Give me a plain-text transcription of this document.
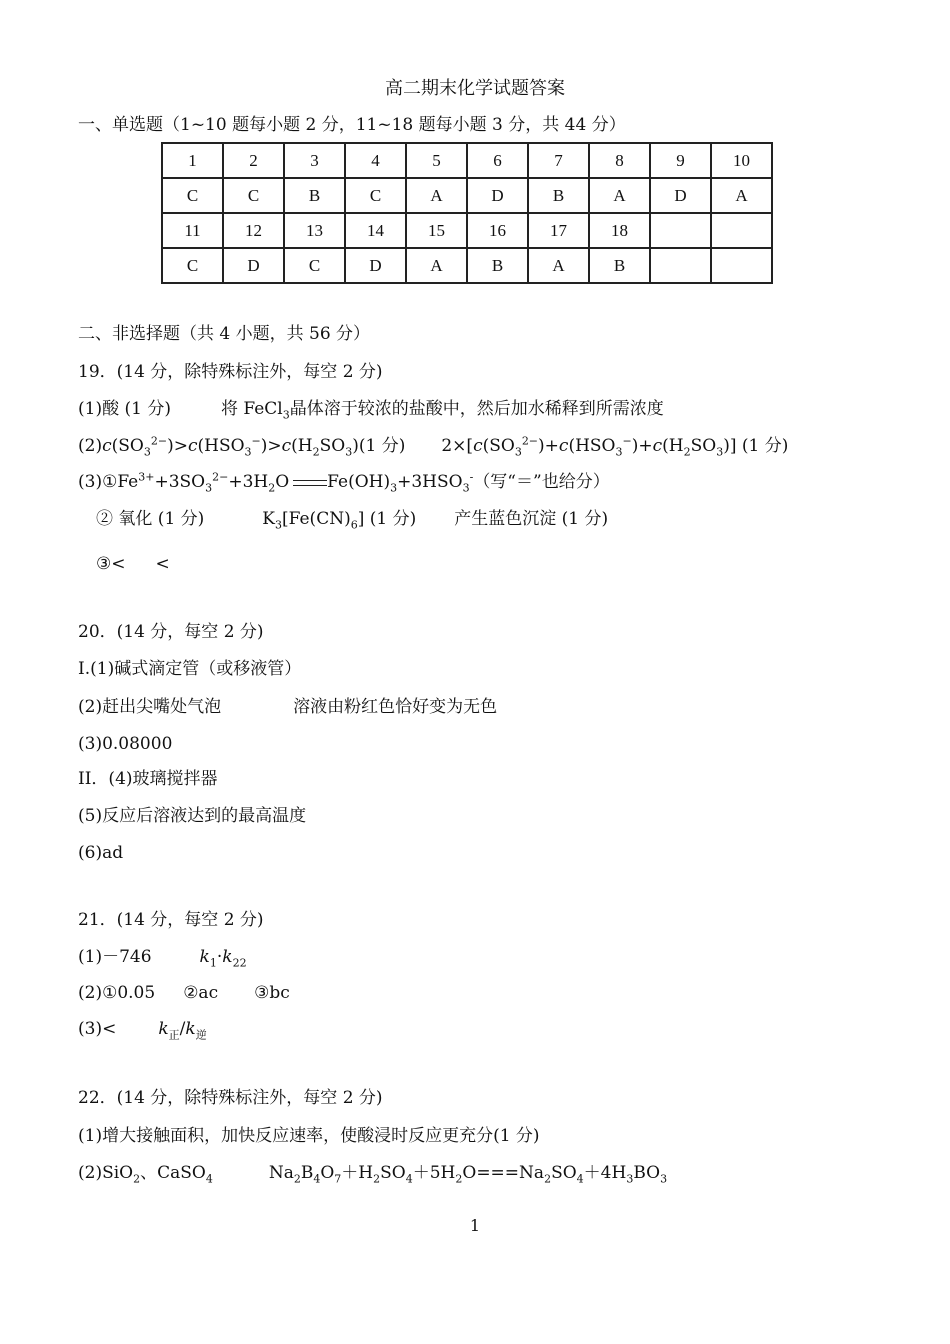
高二期末化学试题答案
一、单选题（1~10 题每小题 2 分，11~18 题每小题 3 分，共 44 分）
1	2	3	4	5	6	7	8	9	10
C	C	B	C	A	D	B	A	D	A
11	12	13	14	15	16	17	18		
C	D	C	D	A	B	A	B		
二、非选择题（共 4 小题，共 56 分）
19．(14 分，除特殊标注外，每空 2 分)
(1)酸 (1 分)	将 FeCl$_3$晶体溶于较浓的盐酸中，然后加水稀释到所需浓度
$(2)c(SO_3^{2-})>c(HSO_3^-)>c(H_2SO_3)(1$ 分) $2\times[c(SO_3^{2-})+c(HSO_3^-)+c(H_2SO_3)]$ (1 分)
$(3)①Fe^{3+}+3SO_3^{2-}+3H_2O$ $Fe(OH)_3+3HSO_3^-$（写“＝”也给分）
② 氧化 (1 分)	$K_3[Fe(CN)_6]$ (1 分) 产生蓝色沉淀 (1 分)
③< <
20．(14 分，每空 2 分)
Ⅰ.(1)碱式滴定管（或移液管）
(2)赶出尖嘴处气泡	溶液由粉红色恰好变为无色
(3)0.08000
II．(4)玻璃搅拌器
(5)反应后溶液达到的最高温度
(6)ad
21．(14 分，每空 2 分)
(1)－746	$k_1\cdot k_{22}$
(2)①0.05 ②ac ③bc
$(3)< k_正/k_逆$
22．(14 分，除特殊标注外，每空 2 分)
(1)增大接触面积，加快反应速率，使酸浸时反应更充分(1 分)
(2)SiO$_2$、CaSO$_4$	$Na_2B_4O_7+H_2SO_4+5H_2O===Na_2SO_4+4H_3BO_3$
1
